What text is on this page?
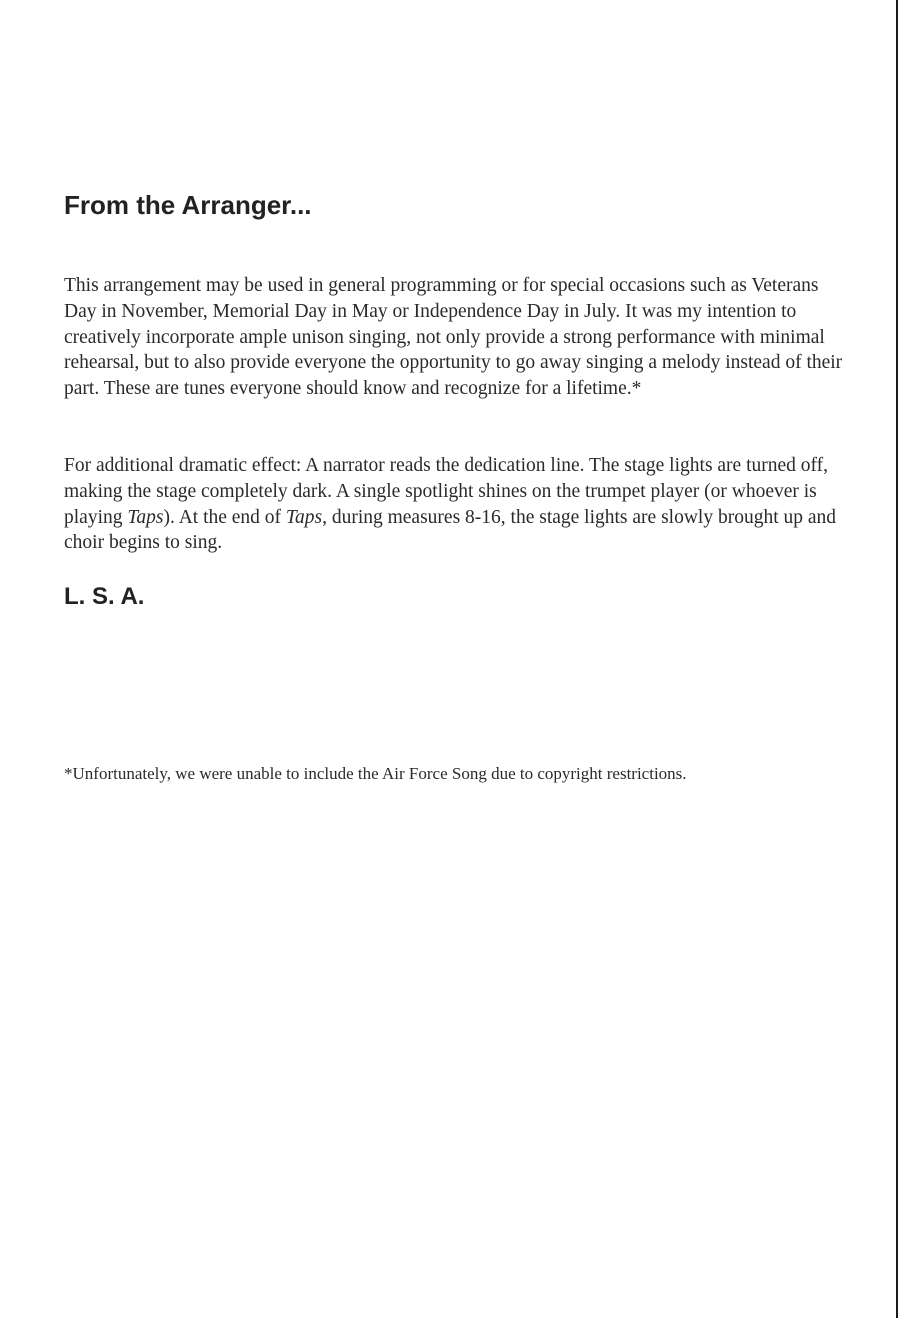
From the Arranger...

This arrangement may be used in general programming or for special occasions such as Veterans Day in November, Memorial Day in May or Independence Day in July. It was my intention to creatively incorporate ample unison singing, not only provide a strong performance with minimal rehearsal, but to also provide everyone the opportunity to go away singing a melody instead of their part. These are tunes everyone should know and recognize for a lifetime.*

For additional dramatic effect: A narrator reads the dedication line. The stage lights are turned off, making the stage completely dark. A single spotlight shines on the trumpet player (or whoever is playing Taps). At the end of Taps, during measures 8-16, the stage lights are slowly brought up and choir begins to sing.

L. S. A.

*Unfortunately, we were unable to include the Air Force Song due to copyright restrictions.
